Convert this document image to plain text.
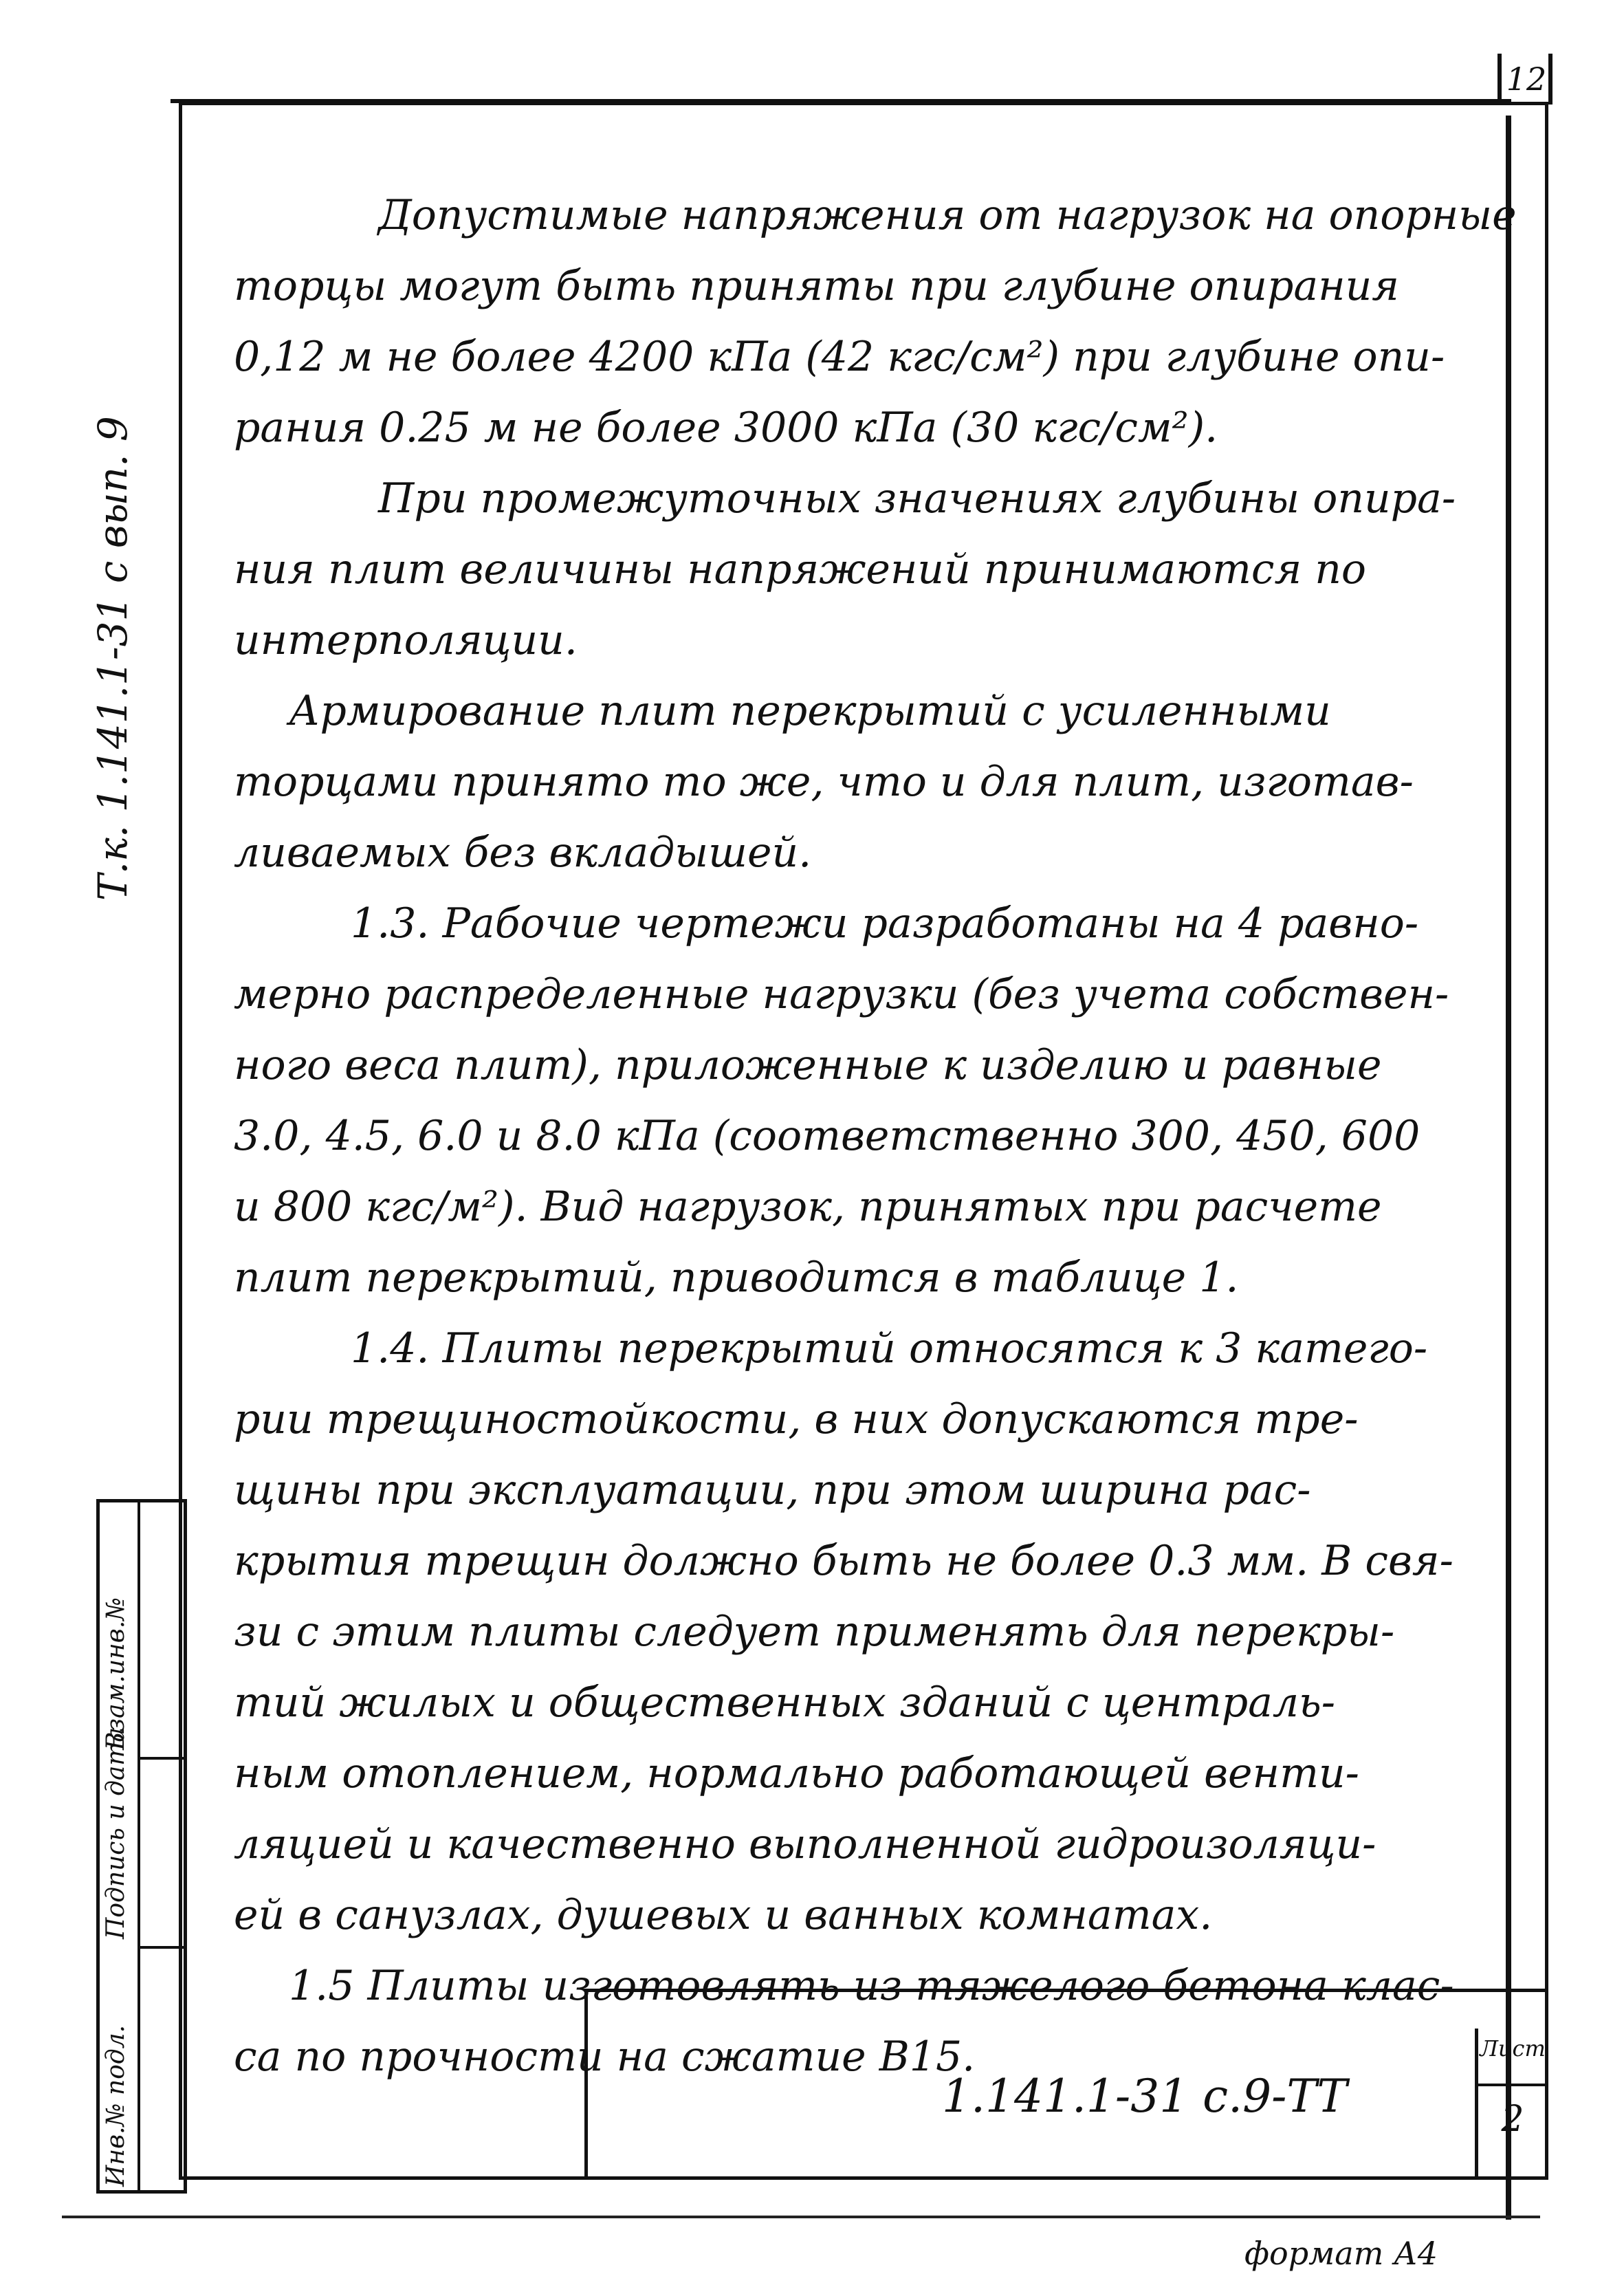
12
Т.к. 1.141.1-31 с вып. 9
Инв.№ подл.
Подпись и дата
Взам.инв.№
Допустимые напряжения от нагрузок на опорные
торцы могут быть приняты при глубине опирания
0,12 м не более 4200 кПа (42 кгс/см²) при глубине опи-
рания 0.25 м не более 3000 кПа (30 кгс/см²).
При промежуточных значениях глубины опира-
ния плит величины напряжений принимаются по
интерполяции.
Армирование плит перекрытий с усиленными
торцами принято то же, что и для плит, изготав-
ливаемых без вкладышей.
1.3. Рабочие чертежи разработаны на 4 равно-
мерно распределенные нагрузки (без учета собствен-
ного веса плит), приложенные к изделию и равные
3.0, 4.5, 6.0 и 8.0 кПа (соответственно 300, 450, 600
и 800 кгс/м²). Вид нагрузок, принятых при расчете
плит перекрытий, приводится в таблице 1.
1.4. Плиты перекрытий относятся к 3 катего-
рии трещиностойкости, в них допускаются тре-
щины при эксплуатации, при этом ширина рас-
крытия трещин должно быть не более 0.3 мм. В свя-
зи с этим плиты следует применять для перекры-
тий жилых и общественных зданий с централь-
ным отоплением, нормально работающей венти-
ляцией и качественно выполненной гидроизоляци-
ей в санузлах, душевых и ванных комнатах.
1.5 Плиты изготовлять из тяжелого бетона клас-
са по прочности на сжатие В15.
1.141.1-31 с.9-ТТ
Лист
2
формат А4
